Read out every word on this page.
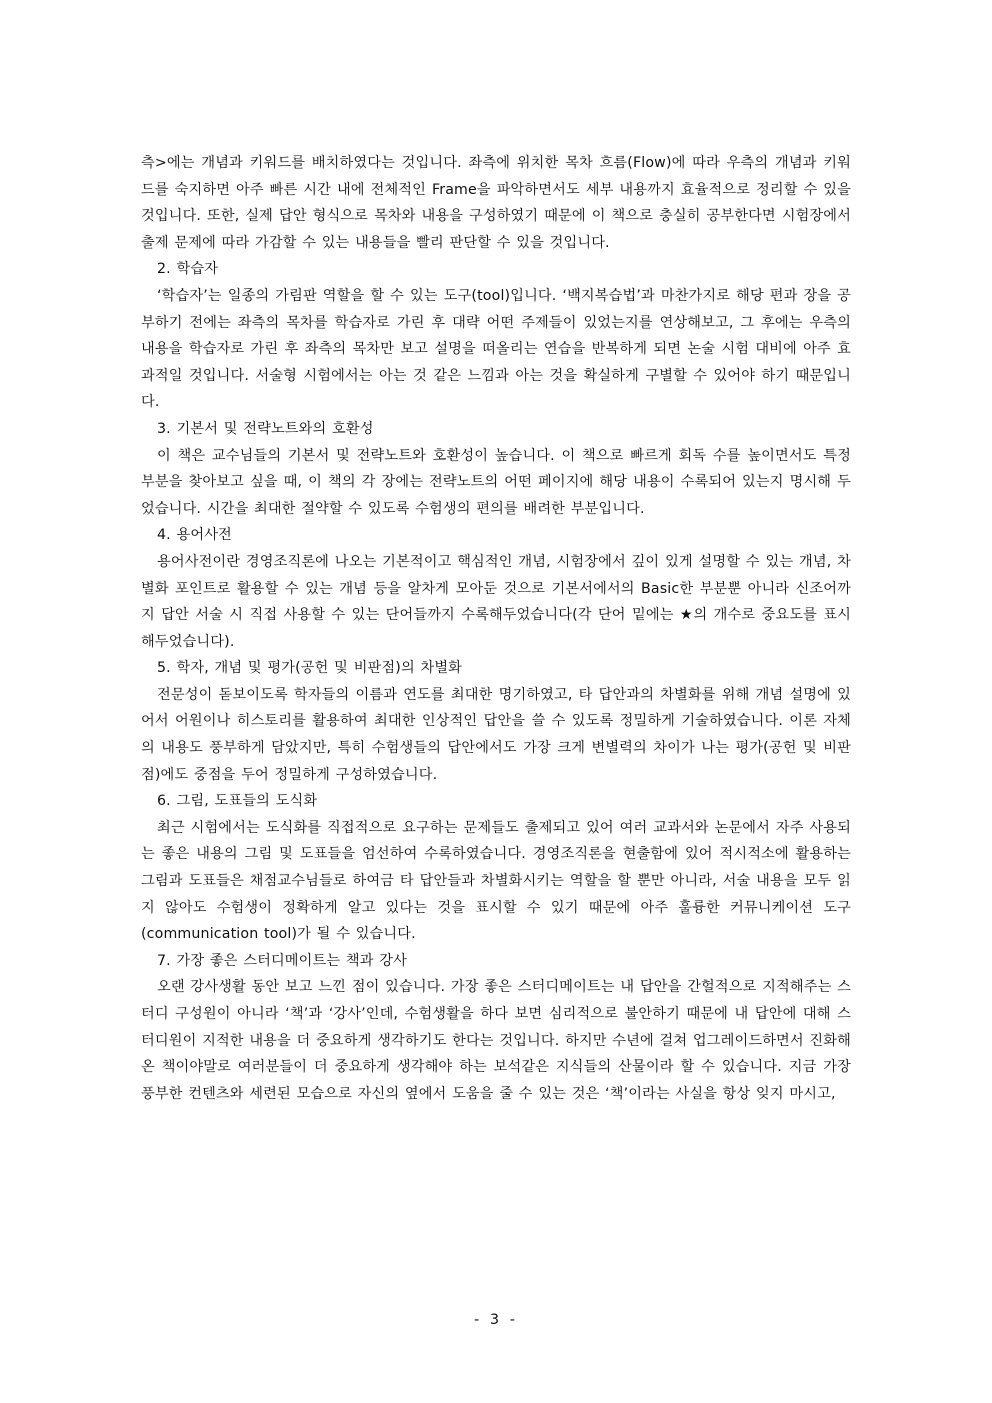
측>에는 개념과 키워드를 배치하였다는 것입니다. 좌측에 위치한 목차 흐름(Flow)에 따라 우측의 개념과 키워드를 숙지하면 아주 빠른 시간 내에 전체적인 Frame을 파악하면서도 세부 내용까지 효율적으로 정리할 수 있을 것입니다. 또한, 실제 답안 형식으로 목차와 내용을 구성하였기 때문에 이 책으로 충실히 공부한다면 시험장에서 출제 문제에 따라 가감할 수 있는 내용들을 빨리 판단할 수 있을 것입니다.

2. 학습자

‘학습자’는 일종의 가림판 역할을 할 수 있는 도구(tool)입니다. ‘백지복습법’과 마찬가지로 해당 편과 장을 공부하기 전에는 좌측의 목차를 학습자로 가린 후 대략 어떤 주제들이 있었는지를 연상해보고, 그 후에는 우측의 내용을 학습자로 가린 후 좌측의 목차만 보고 설명을 떠올리는 연습을 반복하게 되면 논술 시험 대비에 아주 효과적일 것입니다. 서술형 시험에서는 아는 것 같은 느낌과 아는 것을 확실하게 구별할 수 있어야 하기 때문입니다.

3. 기본서 및 전략노트와의 호환성

이 책은 교수님들의 기본서 및 전략노트와 호환성이 높습니다. 이 책으로 빠르게 회독 수를 높이면서도 특정 부분을 찾아보고 싶을 때, 이 책의 각 장에는 전략노트의 어떤 페이지에 해당 내용이 수록되어 있는지 명시해 두었습니다. 시간을 최대한 절약할 수 있도록 수험생의 편의를 배려한 부분입니다.

4. 용어사전

용어사전이란 경영조직론에 나오는 기본적이고 핵심적인 개념, 시험장에서 깊이 있게 설명할 수 있는 개념, 차별화 포인트로 활용할 수 있는 개념 등을 알차게 모아둔 것으로 기본서에서의 Basic한 부분뿐 아니라 신조어까지 답안 서술 시 직접 사용할 수 있는 단어들까지 수록해두었습니다(각 단어 밑에는 ★의 개수로 중요도를 표시해두었습니다).

5. 학자, 개념 및 평가(공헌 및 비판점)의 차별화

전문성이 돋보이도록 학자들의 이름과 연도를 최대한 명기하였고, 타 답안과의 차별화를 위해 개념 설명에 있어서 어원이나 히스토리를 활용하여 최대한 인상적인 답안을 쓸 수 있도록 정밀하게 기술하였습니다. 이론 자체의 내용도 풍부하게 담았지만, 특히 수험생들의 답안에서도 가장 크게 변별력의 차이가 나는 평가(공헌 및 비판점)에도 중점을 두어 정밀하게 구성하였습니다.

6. 그림, 도표들의 도식화

최근 시험에서는 도식화를 직접적으로 요구하는 문제들도 출제되고 있어 여러 교과서와 논문에서 자주 사용되는 좋은 내용의 그림 및 도표들을 엄선하여 수록하였습니다. 경영조직론을 현출함에 있어 적시적소에 활용하는 그림과 도표들은 채점교수님들로 하여금 타 답안들과 차별화시키는 역할을 할 뿐만 아니라, 서술 내용을 모두 읽지 않아도 수험생이 정확하게 알고 있다는 것을 표시할 수 있기 때문에 아주 훌륭한 커뮤니케이션 도구(communication tool)가 될 수 있습니다.

7. 가장 좋은 스터디메이트는 책과 강사

오랜 강사생활 동안 보고 느낀 점이 있습니다. 가장 좋은 스터디메이트는 내 답안을 간헐적으로 지적해주는 스터디 구성원이 아니라 ‘책’과 ‘강사’인데, 수험생활을 하다 보면 심리적으로 불안하기 때문에 내 답안에 대해 스터디원이 지적한 내용을 더 중요하게 생각하기도 한다는 것입니다. 하지만 수년에 걸쳐 업그레이드하면서 진화해온 책이야말로 여러분들이 더 중요하게 생각해야 하는 보석같은 지식들의 산물이라 할 수 있습니다. 지금 가장 풍부한 컨텐츠와 세련된 모습으로 자신의 옆에서 도움을 줄 수 있는 것은 ‘책’이라는 사실을 항상 잊지 마시고,

- 3 -
